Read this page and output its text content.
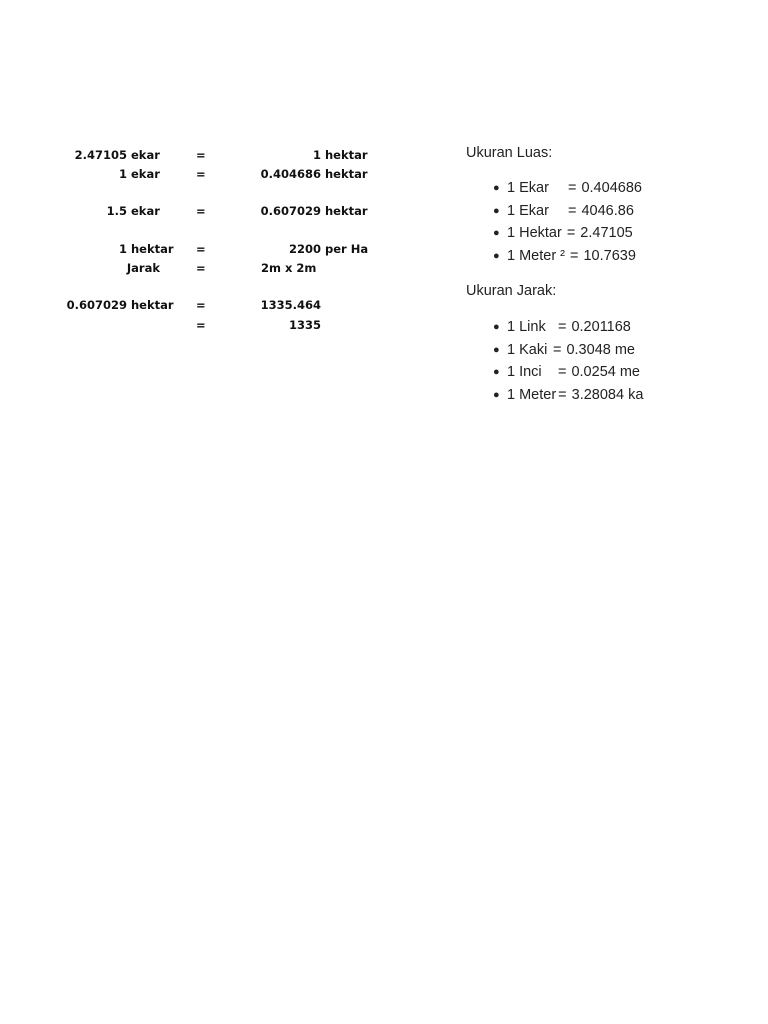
2.47105 ekar	=	1 hektar
1 ekar	=	0.404686 hektar
1.5 ekar	=	0.607029 hektar
1 hektar =	2200 per Ha
Jarak	=	2m x 2m
0.607029 hektar =	1335.464
=	1335
Ukuran Luas:
● 1 Ekar = 0.404686
● 1 Ekar = 4046.86
● 1 Hektar = 2.47105
● 1 Meter ² = 10.7639
Ukuran Jarak:
● 1 Link = 0.201168
● 1 Kaki = 0.3048 me
● 1 Inci = 0.0254 me
● 1 Meter = 3.28084 ka
